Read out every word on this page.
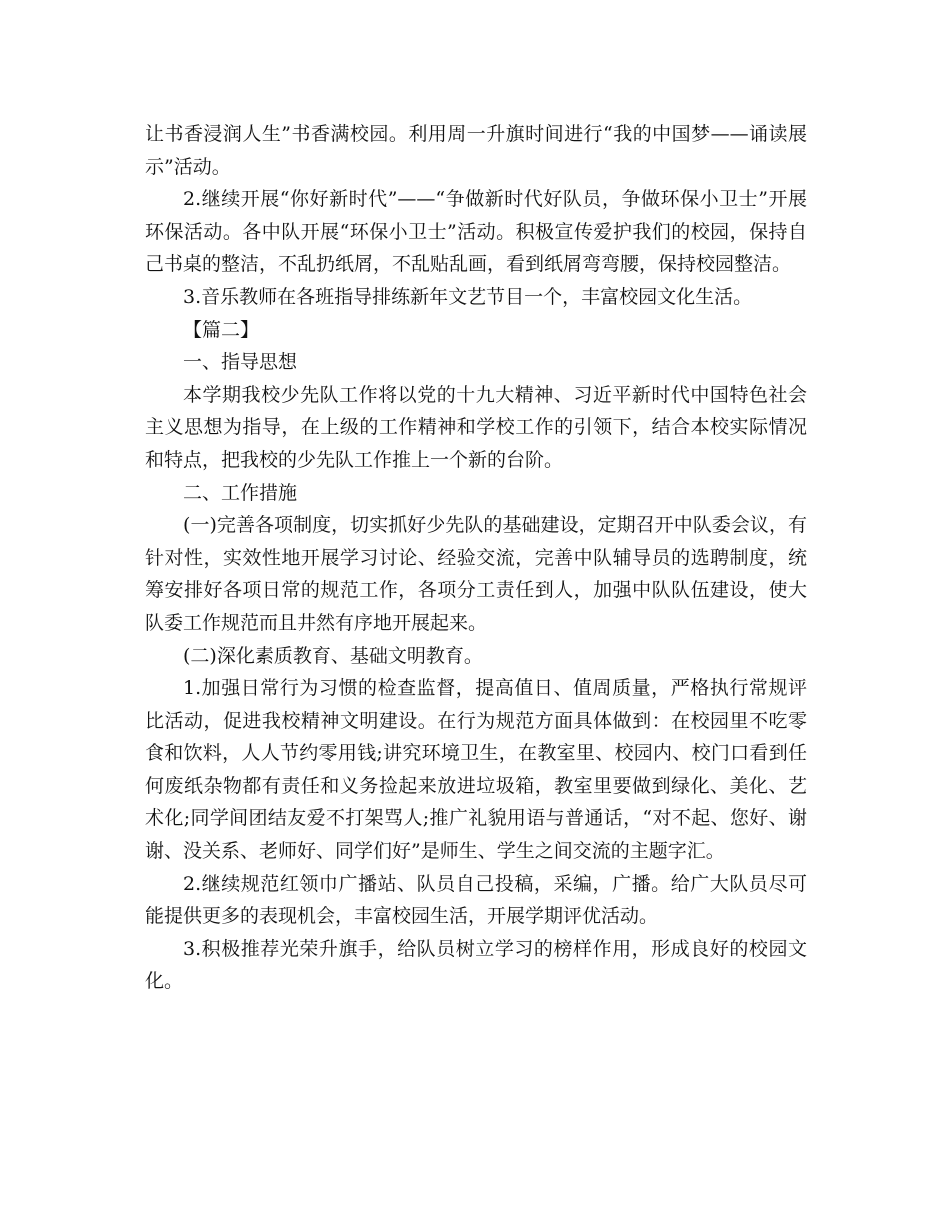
让书香浸润人生”书香满校园。利用周一升旗时间进行“我的中国梦——诵读展示”活动。

2.继续开展“你好新时代”——“争做新时代好队员，争做环保小卫士”开展环保活动。各中队开展“环保小卫士”活动。积极宣传爱护我们的校园，保持自己书桌的整洁，不乱扔纸屑，不乱贴乱画，看到纸屑弯弯腰，保持校园整洁。

3.音乐教师在各班指导排练新年文艺节目一个，丰富校园文化生活。

【篇二】

一、指导思想

本学期我校少先队工作将以党的十九大精神、习近平新时代中国特色社会主义思想为指导，在上级的工作精神和学校工作的引领下，结合本校实际情况和特点，把我校的少先队工作推上一个新的台阶。

二、工作措施

(一)完善各项制度，切实抓好少先队的基础建设，定期召开中队委会议，有针对性，实效性地开展学习讨论、经验交流，完善中队辅导员的选聘制度，统筹安排好各项日常的规范工作，各项分工责任到人，加强中队队伍建设，使大队委工作规范而且井然有序地开展起来。

(二)深化素质教育、基础文明教育。

1.加强日常行为习惯的检查监督，提高值日、值周质量，严格执行常规评比活动，促进我校精神文明建设。在行为规范方面具体做到：在校园里不吃零食和饮料，人人节约零用钱;讲究环境卫生，在教室里、校园内、校门口看到任何废纸杂物都有责任和义务捡起来放进垃圾箱，教室里要做到绿化、美化、艺术化;同学间团结友爱不打架骂人;推广礼貌用语与普通话，“对不起、您好、谢谢、没关系、老师好、同学们好”是师生、学生之间交流的主题字汇。

2.继续规范红领巾广播站、队员自己投稿，采编，广播。给广大队员尽可能提供更多的表现机会，丰富校园生活，开展学期评优活动。

3.积极推荐光荣升旗手，给队员树立学习的榜样作用，形成良好的校园文化。
